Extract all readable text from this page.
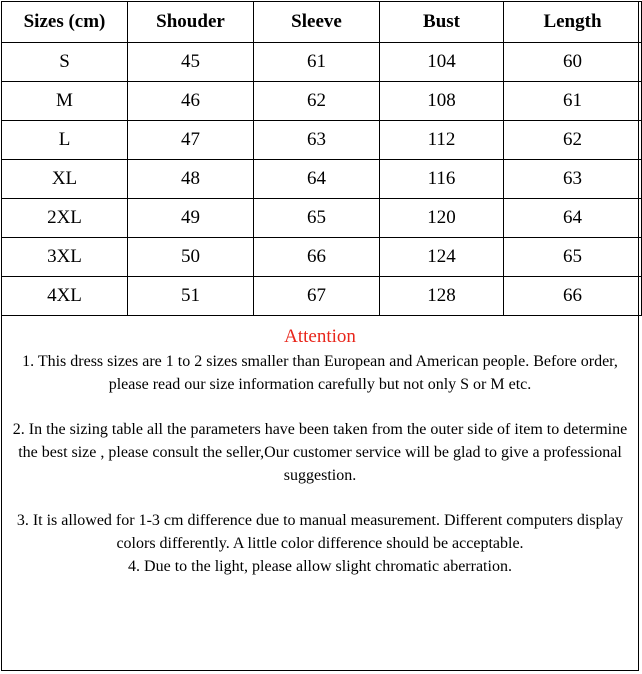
Sizes (cm)	Shouder	Sleeve	Bust	Length
S	45	61	104	60
M	46	62	108	61
L	47	63	112	62
XL	48	64	116	63
2XL	49	65	120	64
3XL	50	66	124	65
4XL	51	67	128	66
Attention

1. This dress sizes are 1 to 2 sizes smaller than European and American people. Before order, please read our size information carefully but not only S or M etc.

2. In the sizing table all the parameters have been taken from the outer side of item to determine the best size , please consult the seller,Our customer service will be glad to give a professional suggestion.

3. It is allowed for 1-3 cm difference due to manual measurement. Different computers display colors differently. A little color difference should be acceptable.

4. Due to the light, please allow slight chromatic aberration.
